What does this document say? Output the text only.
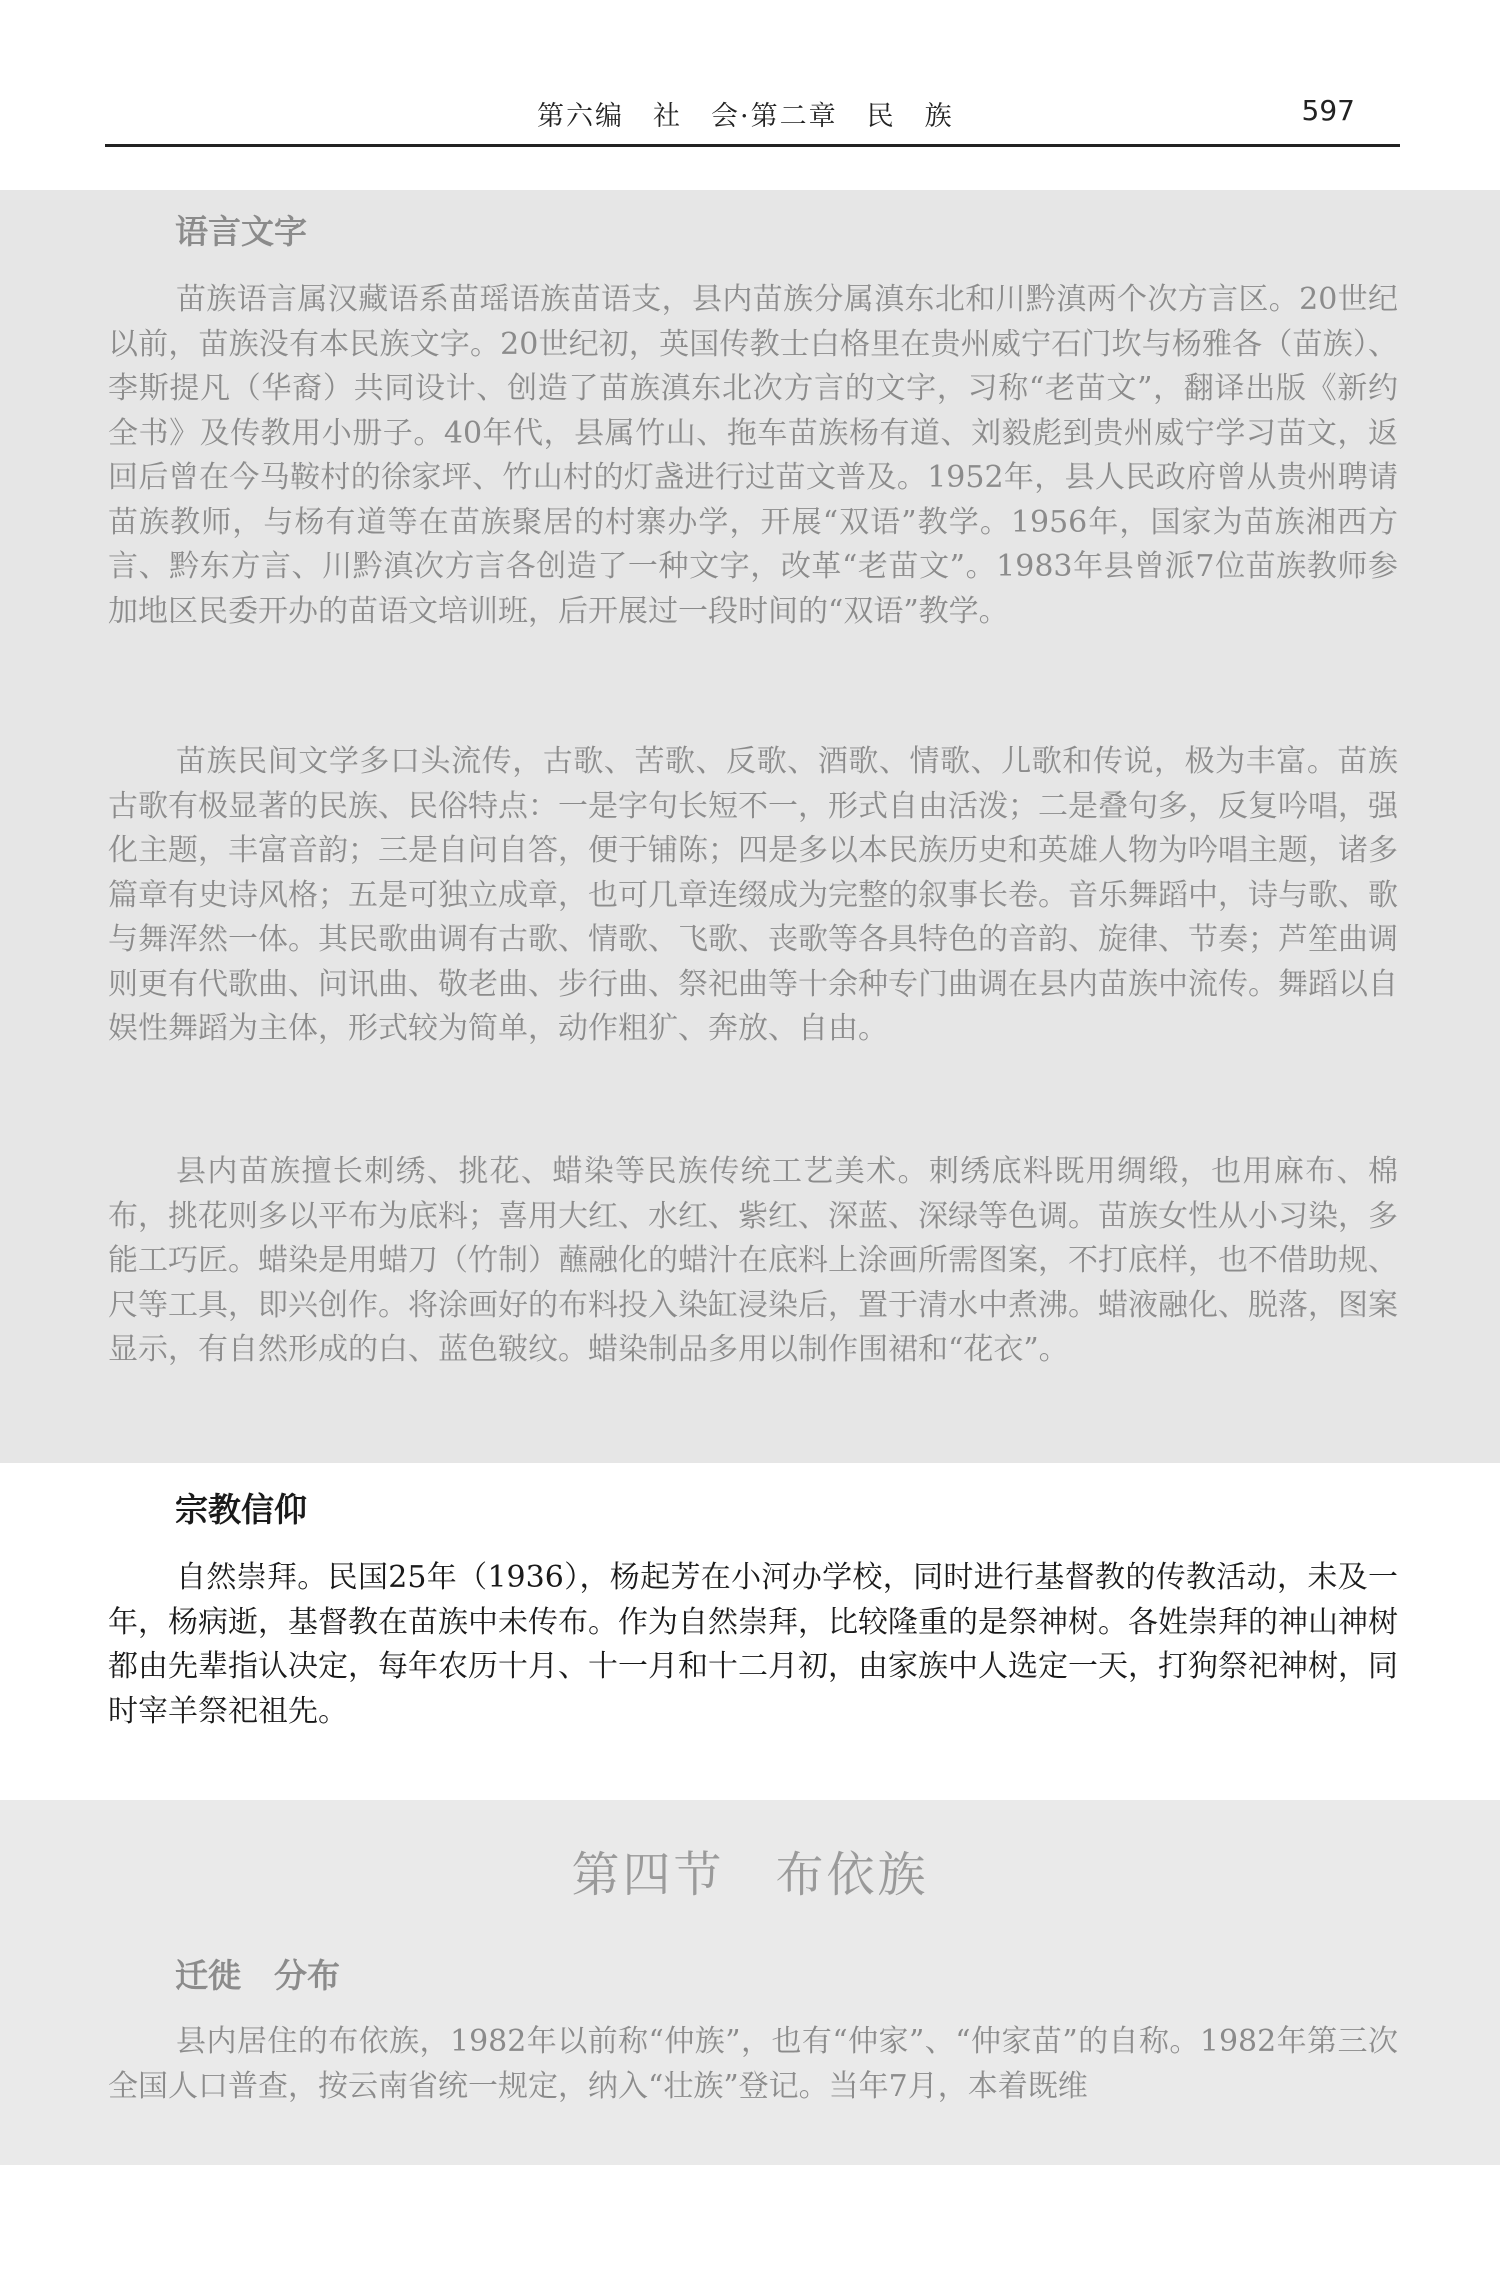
第六编　社　会·第二章　民　族	597
语言文字

苗族语言属汉藏语系苗瑶语族苗语支，县内苗族分属滇东北和川黔滇两个次方言区。20世纪以前，苗族没有本民族文字。20世纪初，英国传教士白格里在贵州威宁石门坎与杨雅各（苗族）、李斯提凡（华裔）共同设计、创造了苗族滇东北次方言的文字，习称“老苗文”，翻译出版《新约全书》及传教用小册子。40年代，县属竹山、拖车苗族杨有道、刘毅彪到贵州威宁学习苗文，返回后曾在今马鞍村的徐家坪、竹山村的灯盏进行过苗文普及。1952年，县人民政府曾从贵州聘请苗族教师，与杨有道等在苗族聚居的村寨办学，开展“双语”教学。1956年，国家为苗族湘西方言、黔东方言、川黔滇次方言各创造了一种文字，改革“老苗文”。1983年县曾派7位苗族教师参加地区民委开办的苗语文培训班，后开展过一段时间的“双语”教学。

苗族民间文学多口头流传，古歌、苦歌、反歌、酒歌、情歌、儿歌和传说，极为丰富。苗族古歌有极显著的民族、民俗特点：一是字句长短不一，形式自由活泼；二是叠句多，反复吟唱，强化主题，丰富音韵；三是自问自答，便于铺陈；四是多以本民族历史和英雄人物为吟唱主题，诸多篇章有史诗风格；五是可独立成章，也可几章连缀成为完整的叙事长卷。音乐舞蹈中，诗与歌、歌与舞浑然一体。其民歌曲调有古歌、情歌、飞歌、丧歌等各具特色的音韵、旋律、节奏；芦笙曲调则更有代歌曲、问讯曲、敬老曲、步行曲、祭祀曲等十余种专门曲调在县内苗族中流传。舞蹈以自娱性舞蹈为主体，形式较为简单，动作粗犷、奔放、自由。

县内苗族擅长刺绣、挑花、蜡染等民族传统工艺美术。刺绣底料既用绸缎，也用麻布、棉布，挑花则多以平布为底料；喜用大红、水红、紫红、深蓝、深绿等色调。苗族女性从小习染，多能工巧匠。蜡染是用蜡刀（竹制）蘸融化的蜡汁在底料上涂画所需图案，不打底样，也不借助规、尺等工具，即兴创作。将涂画好的布料投入染缸浸染后，置于清水中煮沸。蜡液融化、脱落，图案显示，有自然形成的白、蓝色皲纹。蜡染制品多用以制作围裙和“花衣”。

宗教信仰

自然崇拜。民国25年（1936），杨起芳在小河办学校，同时进行基督教的传教活动，未及一年，杨病逝，基督教在苗族中未传布。作为自然崇拜，比较隆重的是祭神树。各姓崇拜的神山神树都由先辈指认决定，每年农历十月、十一月和十二月初，由家族中人选定一天，打狗祭祀神树，同时宰羊祭祀祖先。

第四节　布依族
迁徙　分布

县内居住的布依族，1982年以前称“仲族”，也有“仲家”、“仲家苗”的自称。1982年第三次全国人口普查，按云南省统一规定，纳入“壮族”登记。当年7月，本着既维
